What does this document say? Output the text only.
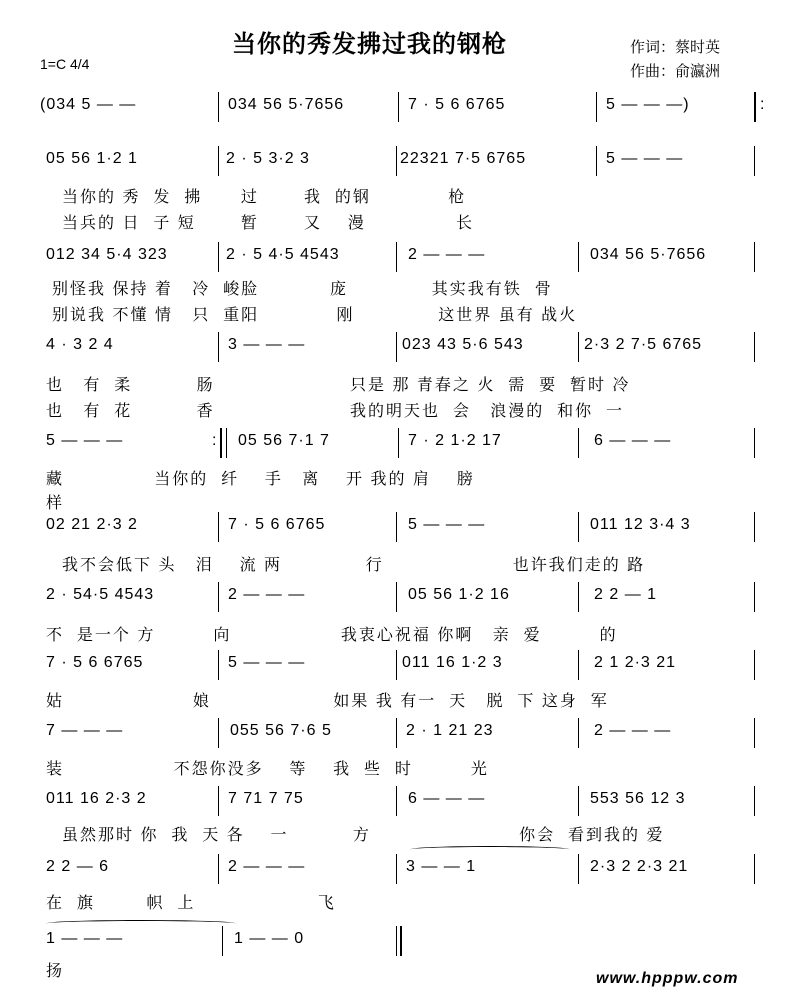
当你的秀发拂过我的钢枪
1=C 4/4
作词：蔡时英
作曲：俞瀛洲
(034 5 — —	034 56 5·7656	7 · 5 6 6765	5 — — —)
05 56 1·2 1	2 · 5 3·2 3	22321 7·5 6765	5 — — —
当你的 秀  发  拂      过       我  的钢            枪
当兵的 日  子 短       暂       又    漫              长
012 34 5·4 323	2 · 5 4·5 4543	2 — — —	034 56 5·7656
别怪我 保持 着   冷  峻脸           庞             其实我有铁  骨
别说我 不懂 情   只  重阳            刚             这世界 虽有 战火
4 · 3 2 4	3 — — —	023 43 5·6 543	2·3 2 7·5 6765
也   有  柔          肠                     只是 那 青春之 火  需  要  暂时 冷
也   有  花          香                     我的明天也  会   浪漫的  和你  一
5 — — —	05 56 7·1 7	7 · 2 1·2 17	6 — — —
藏              当你的  纤    手   离    开 我的 肩    膀
样
02 21 2·3 2	7 · 5 6 6765	5 — — —	011 12 3·4 3
我不会低下 头   泪    流 两             行                    也许我们走的 路
2 · 54·5 4543	2 — — —	05 56 1·2 16	2 2 — 1
不  是一个 方         向                 我衷心祝福 你啊   亲  爱         的
7 · 5 6 6765	5 — — —	011 16 1·2 3	2 1 2·3 21
姑                    娘                   如果 我 有一  天   脱  下 这身  军
7 — — —	055 56 7·6 5	2 · 1 21 23	2 — — —
装                 不怨你没多    等    我  些  时         光
011 16 2·3 2	7 71 7 75	6 — — —	553 56 12 3
虽然那时 你  我  天 各    一          方                       你会  看到我的 爱
2 2 — 6	2 — — —	3 — — 1	2·3 2 2·3 21
在  旗        帜  上                   飞
1 — — —	1 — — 0
扬
:
:
www.hpppw.com
